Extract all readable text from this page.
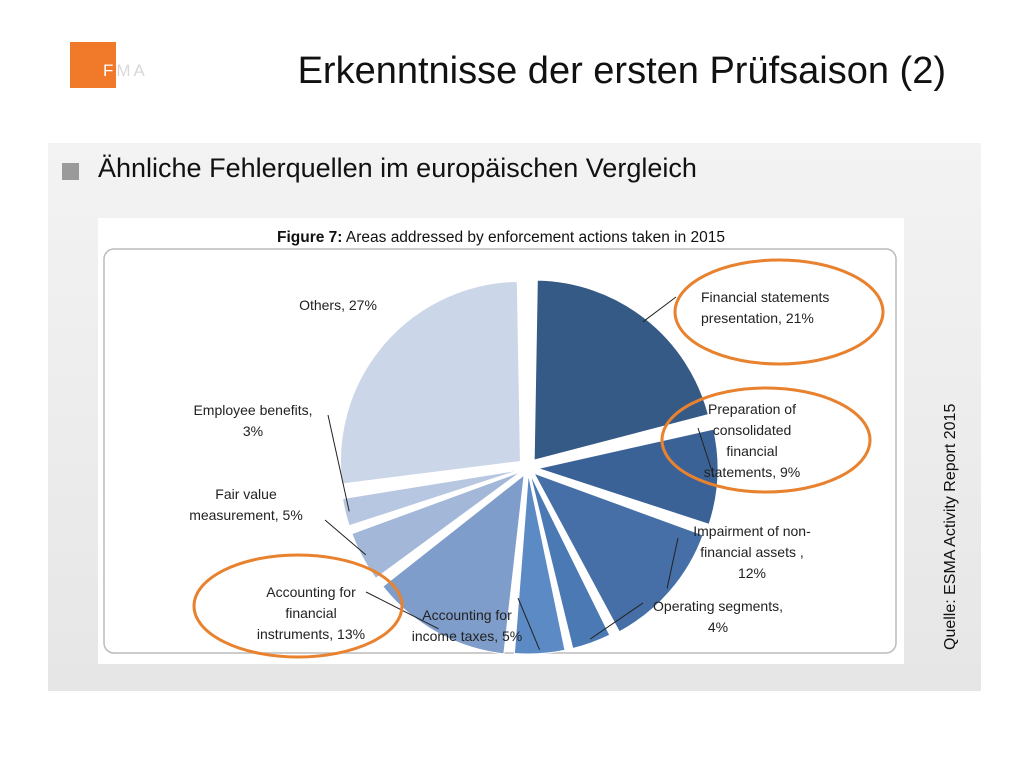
FMA	Erkenntnisse der ersten Prüfsaison (2)
Ähnliche Fehlerquellen im europäischen Vergleich
Figure 7: Areas addressed by enforcement actions taken in 2015
Financial statements presentation, 21%
Preparation of consolidated financial statements, 9%
Impairment of non-financial assets , 12%
Operating segments, 4%
Accounting for income taxes, 5%
Accounting for financial instruments, 13%
Fair value measurement, 5%
Employee benefits, 3%
Others, 27%
Quelle: ESMA Activity Report 2015
